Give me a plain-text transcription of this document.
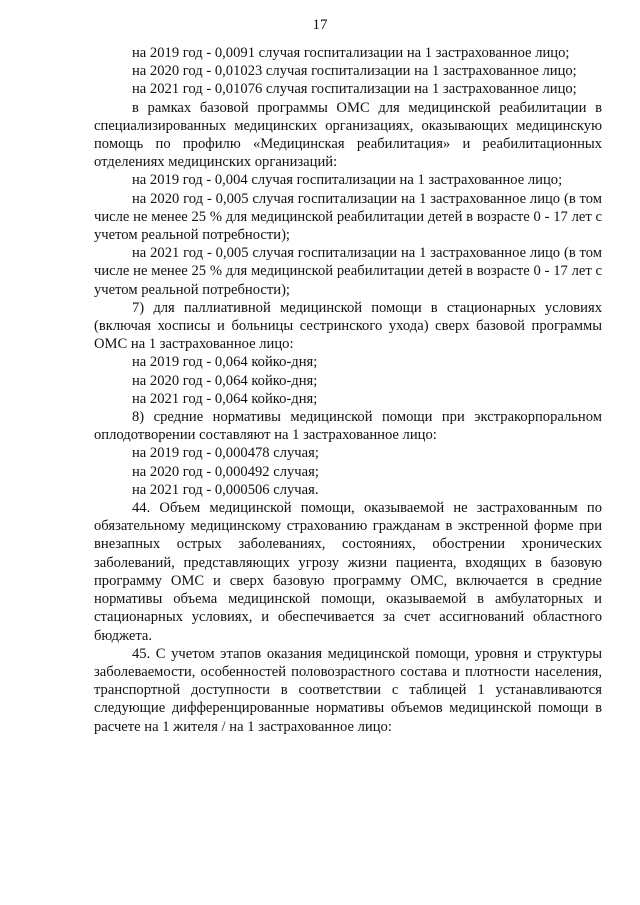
17

на 2019 год - 0,0091 случая госпитализации на 1 застрахованное лицо;

на 2020 год - 0,01023 случая госпитализации на 1 застрахованное лицо;

на 2021 год - 0,01076 случая госпитализации на 1 застрахованное лицо;

в рамках базовой программы ОМС для медицинской реабилитации в специализированных медицинских организациях, оказывающих медицинскую помощь по профилю «Медицинская реабилитация» и реабилитационных отделениях медицинских организаций:

на 2019 год - 0,004 случая госпитализации на 1 застрахованное лицо;

на 2020 год - 0,005 случая госпитализации на 1 застрахованное лицо (в том числе не менее 25 % для медицинской реабилитации детей в возрасте 0 - 17 лет с учетом реальной потребности);

на 2021 год - 0,005 случая госпитализации на 1 застрахованное лицо (в том числе не менее 25 % для медицинской реабилитации детей в возрасте 0 - 17 лет с учетом реальной потребности);

7) для паллиативной медицинской помощи в стационарных условиях (включая хосписы и больницы сестринского ухода) сверх базовой программы ОМС на 1 застрахованное лицо:

на 2019 год - 0,064 койко-дня;

на 2020 год - 0,064 койко-дня;

на 2021 год - 0,064 койко-дня;

8) средние нормативы медицинской помощи при экстракорпоральном оплодотворении составляют на 1 застрахованное лицо:

на 2019 год - 0,000478 случая;

на 2020 год - 0,000492 случая;

на 2021 год - 0,000506 случая.

44. Объем медицинской помощи, оказываемой не застрахованным по обязательному медицинскому страхованию гражданам в экстренной форме при внезапных острых заболеваниях, состояниях, обострении хронических заболеваний, представляющих угрозу жизни пациента, входящих в базовую программу ОМС и сверх базовую программу ОМС, включается в средние нормативы объема медицинской помощи, оказываемой в амбулаторных и стационарных условиях, и обеспечивается за счет ассигнований областного бюджета.

45. С учетом этапов оказания медицинской помощи, уровня и структуры заболеваемости, особенностей половозрастного состава и плотности населения, транспортной доступности в соответствии с таблицей 1 устанавливаются следующие дифференцированные нормативы объемов медицинской помощи в расчете на 1 жителя / на 1 застрахованное лицо:
